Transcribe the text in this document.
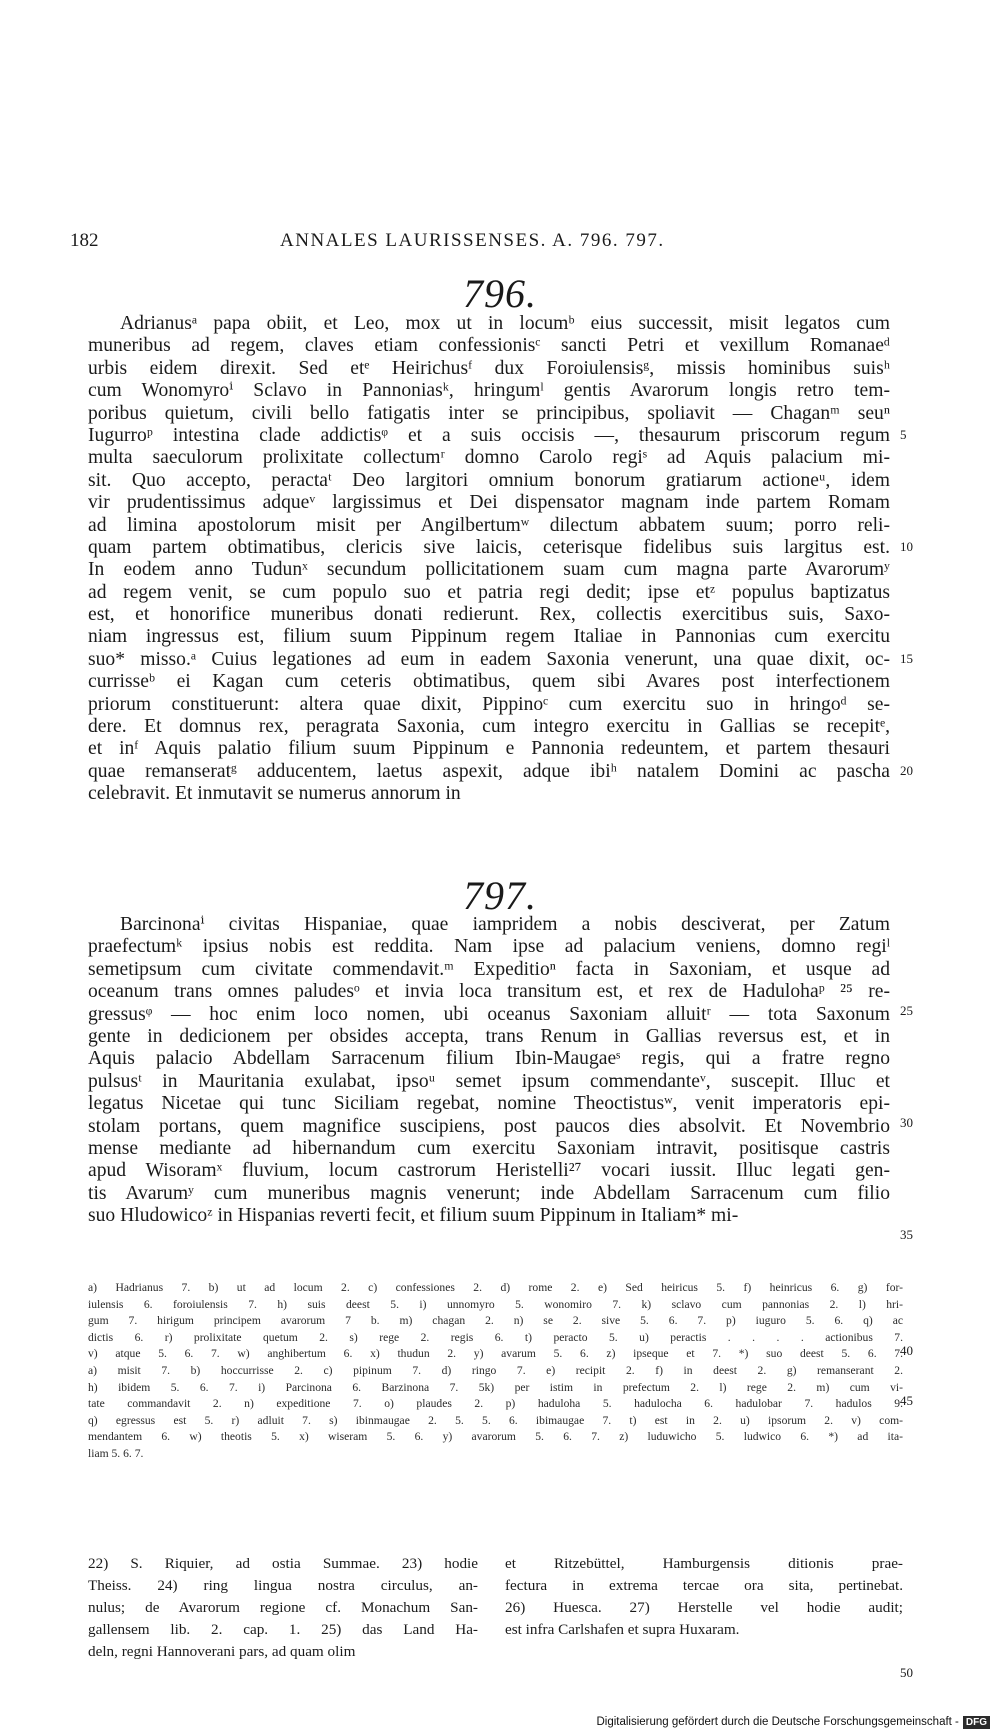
182	ANNALES LAURISSENSES. A. 796. 797.
796.
Adrianusᵃ papa obiit, et Leo, mox ut in locumᵇ eius successit, misit legatos cum
muneribus ad regem, claves etiam confessionisᶜ sancti Petri et vexillum Romanaeᵈ
urbis eidem direxit. Sed etᵉ Heirichusᶠ dux Foroiulensisᵍ, missis hominibus suisʰ
cum Wonomyroⁱ Sclavo in Pannoniasᵏ, hringumˡ gentis Avarorum longis retro tem-
poribus quietum, civili bello fatigatis inter se principibus, spoliavit — Chaganᵐ seuⁿ
Iugurroᵖ intestina clade addictisᵠ et a suis occisis —, thesaurum priscorum regum
multa saeculorum prolixitate collectumʳ domno Carolo regiˢ ad Aquis palacium mi-
sit. Quo accepto, peractaᵗ Deo largitori omnium bonorum gratiarum actioneᵘ, idem
vir prudentissimus adqueᵛ largissimus et Dei dispensator magnam inde partem Romam
ad limina apostolorum misit per Angilbertumʷ dilectum abbatem suum; porro reli-
quam partem obtimatibus, clericis sive laicis, ceterisque fidelibus suis largitus est.
In eodem anno Tudunˣ secundum pollicitationem suam cum magna parte Avarorumʸ
ad regem venit, se cum populo suo et patria regi dedit; ipse etᶻ populus baptizatus
est, et honorifice muneribus donati redierunt. Rex, collectis exercitibus suis, Saxo-
niam ingressus est, filium suum Pippinum regem Italiae in Pannonias cum exercitu
suo* misso.ᵃ Cuius legationes ad eum in eadem Saxonia venerunt, una quae dixit, oc-
currisseᵇ ei Kagan cum ceteris obtimatibus, quem sibi Avares post interfectionem
priorum constituerunt: altera quae dixit, Pippinoᶜ cum exercitu suo in hringoᵈ se-
dere. Et domnus rex, peragrata Saxonia, cum integro exercitu in Gallias se recepitᵉ,
et inᶠ Aquis palatio filium suum Pippinum e Pannonia redeuntem, et partem thesauri
quae remanseratᵍ adducentem, laetus aspexit, adque ibiʰ natalem Domini ac pascha
celebravit. Et inmutavit se numerus annorum in
797.
Barcinonaⁱ civitas Hispaniae, quae iampridem a nobis desciverat, per Zatum
praefectumᵏ ipsius nobis est reddita. Nam ipse ad palacium veniens, domno regiˡ
semetipsum cum civitate commendavit.ᵐ Expeditioⁿ facta in Saxoniam, et usque ad
oceanum trans omnes paludesᵒ et invia loca transitum est, et rex de Hadulohaᵖ ²⁵ re-
gressusᵠ — hoc enim loco nomen, ubi oceanus Saxoniam alluitʳ — tota Saxonum
gente in dedicionem per obsides accepta, trans Renum in Gallias reversus est, et in
Aquis palacio Abdellam Sarracenum filium Ibin-Maugaeˢ regis, qui a fratre regno
pulsusᵗ in Mauritania exulabat, ipsoᵘ semet ipsum commendanteᵛ, suscepit. Illuc et
legatus Nicetae qui tunc Siciliam regebat, nomine Theoctistusʷ, venit imperatoris epi-
stolam portans, quem magnifice suscipiens, post paucos dies absolvit. Et Novembrio
mense mediante ad hibernandum cum exercitu Saxoniam intravit, positisque castris
apud Wisoramˣ fluvium, locum castrorum Heristelli²⁷ vocari iussit. Illuc legati gen-
tis Avarumʸ cum muneribus magnis venerunt; inde Abdellam Sarracenum cum filio
suo Hludowicoᶻ in Hispanias reverti fecit, et filium suum Pippinum in Italiam* mi-
5
10
15
20
25
30
35
40
45
50
a) Hadrianus 7. b) ut ad locum 2. c) confessiones 2. d) rome 2. e) Sed heiricus 5. f) heinricus 6. g) for-
iulensis 6. foroiulensis 7. h) suis deest 5. i) unnomyro 5. wonomiro 7. k) sclavo cum pannonias 2. l) hri-
gum 7. hirigum principem avarorum 7 b. m) chagan 2. n) se 2. sive 5. 6. 7. p) iuguro 5. 6. q) ac
dictis 6. r) prolixitate quetum 2. s) rege 2. regis 6. t) peracto 5. u) peractis . . . . actionibus 7.
v) atque 5. 6. 7. w) anghibertum 6. x) thudun 2. y) avarum 5. 6. z) ipseque et 7. *) suo deest 5. 6. 7.
a) misit 7. b) hoccurrisse 2. c) pipinum 7. d) ringo 7. e) recipit 2. f) in deest 2. g) remanserant 2.
h) ibidem 5. 6. 7. i) Parcinona 6. Barzinona 7. 5k) per istim in prefectum 2. l) rege 2. m) cum vi-
tate commandavit 2. n) expeditione 7. o) plaudes 2. p) haduloha 5. hadulocha 6. hadulobar 7. hadulos 9.
q) egressus est 5. r) adluit 7. s) ibinmaugae 2. 5. 5. 6. ibimaugae 7. t) est in 2. u) ipsorum 2. v) com-
mendantem 6. w) theotis 5. x) wiseram 5. 6. y) avarorum 5. 6. 7. z) luduwicho 5. ludwico 6. *) ad ita-
liam 5. 6. 7.
22) S. Riquier, ad ostia Summae. 23) hodie
Theiss. 24) ring lingua nostra circulus, an-
nulus; de Avarorum regione cf. Monachum San-
gallensem lib. 2. cap. 1. 25) das Land Ha-
deln, regni Hannoverani pars, ad quam olim
et Ritzebüttel, Hamburgensis ditionis prae-
fectura in extrema tercae ora sita, pertinebat.
26) Huesca. 27) Herstelle vel hodie audit;
est infra Carlshafen et supra Huxaram.
Digitalisierung gefördert durch die Deutsche Forschungsgemeinschaft - DFG
